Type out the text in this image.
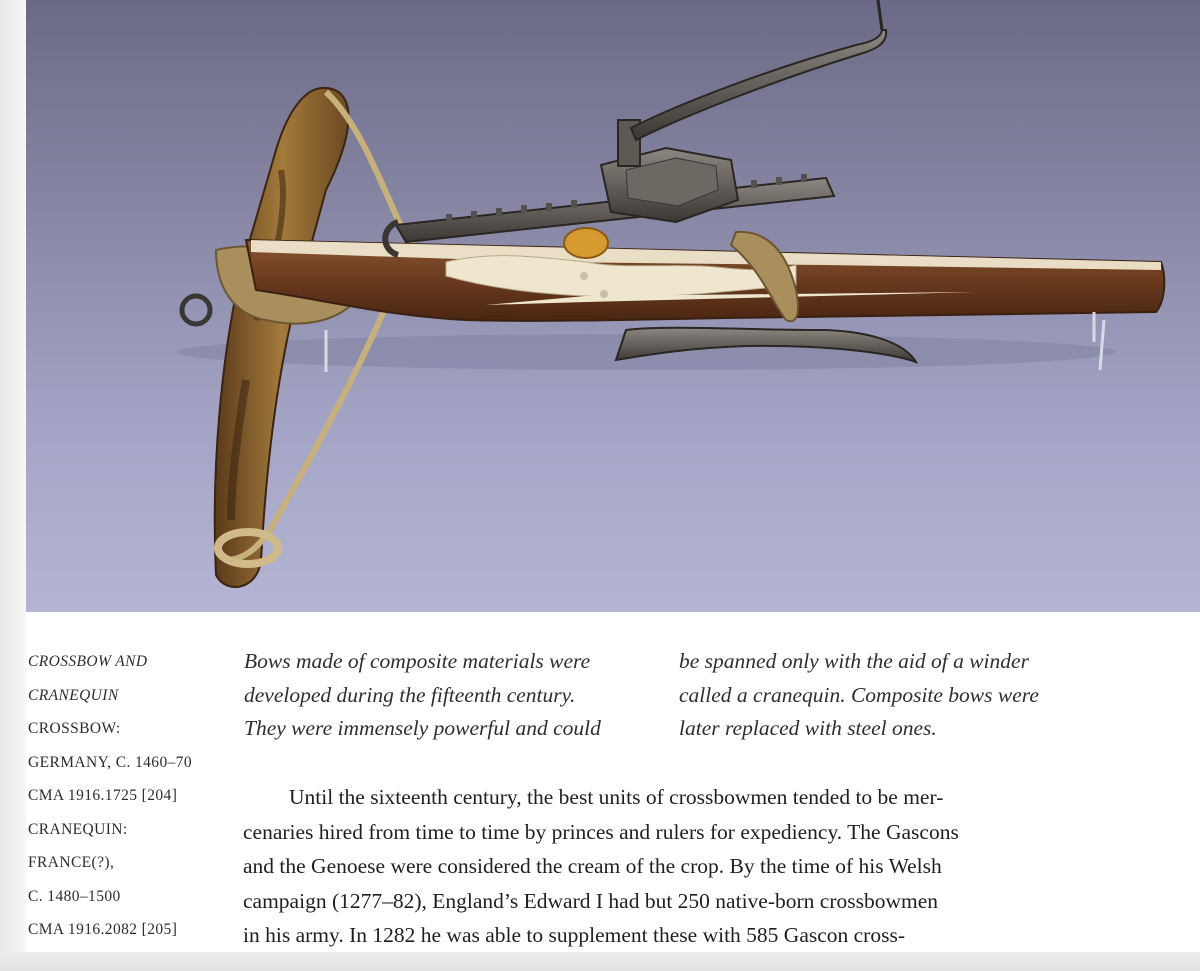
CROSSBOW AND
CRANEQUIN
CROSSBOW:
GERMANY, C. 1460–70
CMA 1916.1725 [204]
CRANEQUIN:
FRANCE(?),
C. 1480–1500
CMA 1916.2082 [205]
Bows made of composite materials were
developed during the fifteenth century.
They were immensely powerful and could
be spanned only with the aid of a winder
called a cranequin. Composite bows were
later replaced with steel ones.
Until the sixteenth century, the best units of crossbowmen tended to be mer-
cenaries hired from time to time by princes and rulers for expediency. The Gascons
and the Genoese were considered the cream of the crop. By the time of his Welsh
campaign (1277–82), England’s Edward I had but 250 native-born crossbowmen
in his army. In 1282 he was able to supplement these with 585 Gascon cross-
